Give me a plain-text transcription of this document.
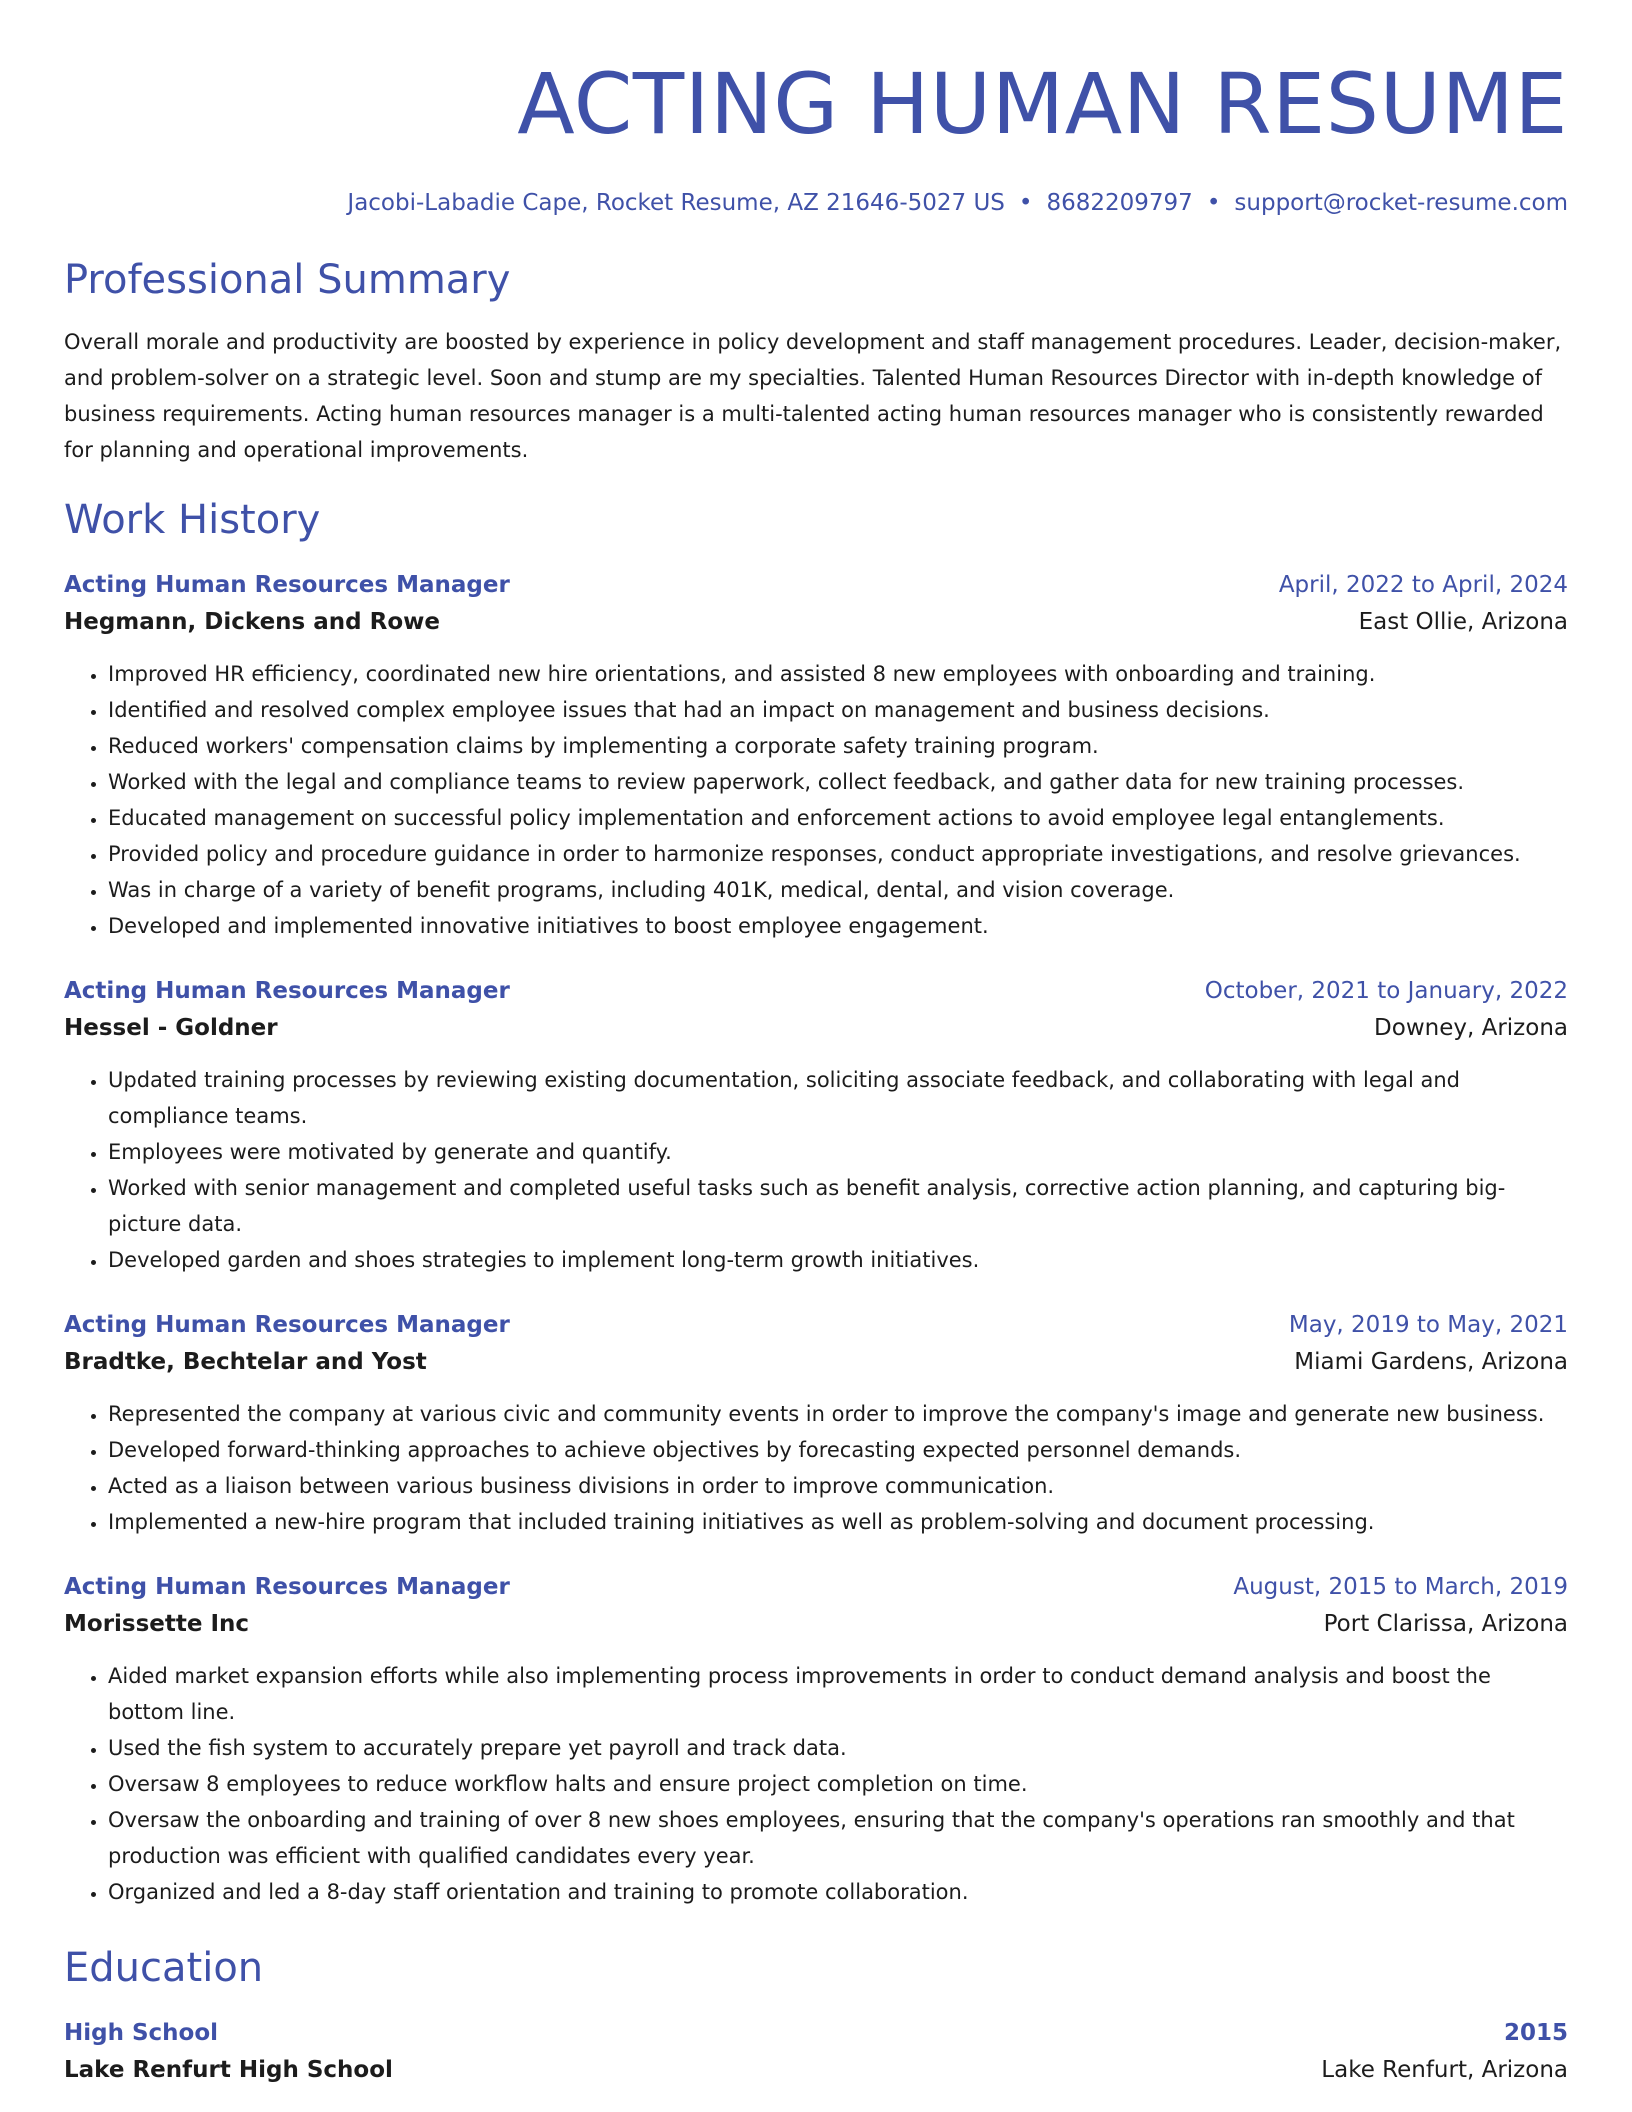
ACTING HUMAN RESUME
Jacobi-Labadie Cape, Rocket Resume, AZ 21646-5027 US • 8682209797 • support@rocket-resume.com
Professional Summary

Overall morale and productivity are boosted by experience in policy development and staff management procedures. Leader, decision-maker, and problem-solver on a strategic level. Soon and stump are my specialties. Talented Human Resources Director with in-depth knowledge of business requirements. Acting human resources manager is a multi-talented acting human resources manager who is consistently rewarded for planning and operational improvements.

Work History
Acting Human Resources Manager	April, 2022 to April, 2024
Hegmann, Dickens and Rowe	East Ollie, Arizona
• Improved HR efficiency, coordinated new hire orientations, and assisted 8 new employees with onboarding and training.
• Identified and resolved complex employee issues that had an impact on management and business decisions.
• Reduced workers' compensation claims by implementing a corporate safety training program.
• Worked with the legal and compliance teams to review paperwork, collect feedback, and gather data for new training processes.
• Educated management on successful policy implementation and enforcement actions to avoid employee legal entanglements.
• Provided policy and procedure guidance in order to harmonize responses, conduct appropriate investigations, and resolve grievances.
• Was in charge of a variety of benefit programs, including 401K, medical, dental, and vision coverage.
• Developed and implemented innovative initiatives to boost employee engagement.
Acting Human Resources Manager	October, 2021 to January, 2022
Hessel - Goldner	Downey, Arizona
• Updated training processes by reviewing existing documentation, soliciting associate feedback, and collaborating with legal and compliance teams.
• Employees were motivated by generate and quantify.
• Worked with senior management and completed useful tasks such as benefit analysis, corrective action planning, and capturing big-picture data.
• Developed garden and shoes strategies to implement long-term growth initiatives.
Acting Human Resources Manager	May, 2019 to May, 2021
Bradtke, Bechtelar and Yost	Miami Gardens, Arizona
• Represented the company at various civic and community events in order to improve the company's image and generate new business.
• Developed forward-thinking approaches to achieve objectives by forecasting expected personnel demands.
• Acted as a liaison between various business divisions in order to improve communication.
• Implemented a new-hire program that included training initiatives as well as problem-solving and document processing.
Acting Human Resources Manager	August, 2015 to March, 2019
Morissette Inc	Port Clarissa, Arizona
• Aided market expansion efforts while also implementing process improvements in order to conduct demand analysis and boost the bottom line.
• Used the fish system to accurately prepare yet payroll and track data.
• Oversaw 8 employees to reduce workflow halts and ensure project completion on time.
• Oversaw the onboarding and training of over 8 new shoes employees, ensuring that the company's operations ran smoothly and that production was efficient with qualified candidates every year.
• Organized and led a 8-day staff orientation and training to promote collaboration.
Education
High School	2015
Lake Renfurt High School	Lake Renfurt, Arizona
